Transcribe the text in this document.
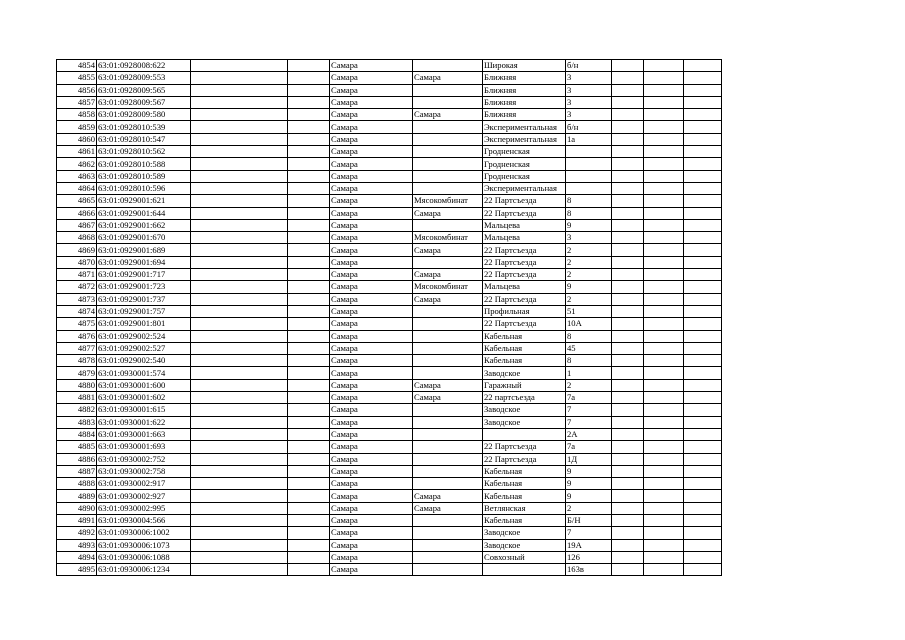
4854	63:01:0928008:622			Самара		Широкая	б/н			
4855	63:01:0928009:553			Самара	Самара	Ближняя	3			
4856	63:01:0928009:565			Самара		Ближняя	3			
4857	63:01:0928009:567			Самара		Ближняя	3			
4858	63:01:0928009:580			Самара	Самара	Ближняя	3			
4859	63:01:0928010:539			Самара		Экспериментальная	б/н			
4860	63:01:0928010:547			Самара		Экспериментальная	1а			
4861	63:01:0928010:562			Самара		Гродненская				
4862	63:01:0928010:588			Самара		Гродненская				
4863	63:01:0928010:589			Самара		Гродненская				
4864	63:01:0928010:596			Самара		Экспериментальная				
4865	63:01:0929001:621			Самара	Мясокомбинат	22 Партсъезда	8			
4866	63:01:0929001:644			Самара	Самара	22 Партсъезда	8			
4867	63:01:0929001:662			Самара		Мальцева	9			
4868	63:01:0929001:670			Самара	Мясокомбинат	Мальцева	3			
4869	63:01:0929001:689			Самара	Самара	22 Партсъезда	2			
4870	63:01:0929001:694			Самара		22 Партсъезда	2			
4871	63:01:0929001:717			Самара	Самара	22 Партсъезда	2			
4872	63:01:0929001:723			Самара	Мясокомбинат	Мальцева	9			
4873	63:01:0929001:737			Самара	Самара	22 Партсъезда	2			
4874	63:01:0929001:757			Самара		Профильная	51			
4875	63:01:0929001:801			Самара		22 Партсъезда	10А			
4876	63:01:0929002:524			Самара		Кабельная	8			
4877	63:01:0929002:527			Самара		Кабельная	45			
4878	63:01:0929002:540			Самара		Кабельная	8			
4879	63:01:0930001:574			Самара		Заводское	1			
4880	63:01:0930001:600			Самара	Самара	Гаражный	2			
4881	63:01:0930001:602			Самара	Самара	22 партсъезда	7а			
4882	63:01:0930001:615			Самара		Заводское	7			
4883	63:01:0930001:622			Самара		Заводское	7			
4884	63:01:0930001:663			Самара			2А			
4885	63:01:0930001:693			Самара		22 Партсъезда	7а			
4886	63:01:0930002:752			Самара		22 Партсъезда	1Д			
4887	63:01:0930002:758			Самара		Кабельная	9			
4888	63:01:0930002:917			Самара		Кабельная	9			
4889	63:01:0930002:927			Самара	Самара	Кабельная	9			
4890	63:01:0930002:995			Самара	Самара	Ветлянская	2			
4891	63:01:0930004:566			Самара		Кабельная	Б/Н			
4892	63:01:0930006:1002			Самара		Заводское	7			
4893	63:01:0930006:1073			Самара		Заводское	19А			
4894	63:01:0930006:1088			Самара		Совхозный	126			
4895	63:01:0930006:1234			Самара			163в			
